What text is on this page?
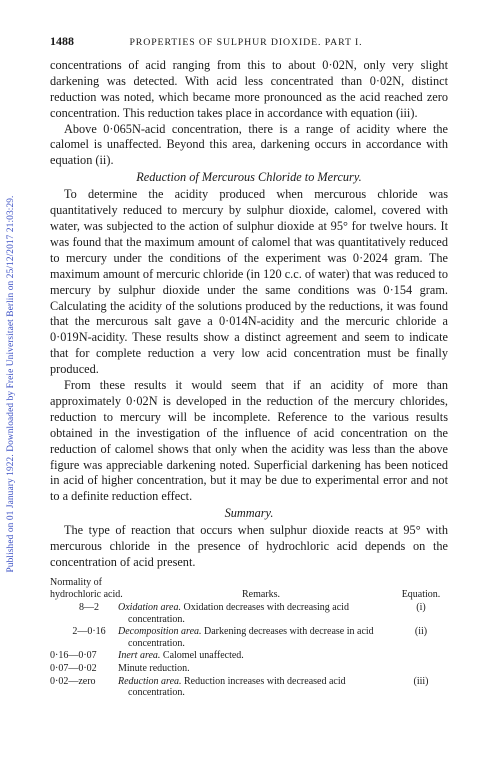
Published on 01 January 1922. Downloaded by Freie Universitaet Berlin on 25/12/2017 21:03:29.
1488	PROPERTIES OF SULPHUR DIOXIDE. PART I.

concentrations of acid ranging from this to about 0·02N, only very slight darkening was detected. With acid less concentrated than 0·02N, distinct reduction was noted, which became more pronounced as the acid reached zero concentration. This reduction takes place in accordance with equation (iii).

Above 0·065N-acid concentration, there is a range of acidity where the calomel is unaffected. Beyond this area, darkening occurs in accordance with equation (ii).

Reduction of Mercurous Chloride to Mercury.

To determine the acidity produced when mercurous chloride was quantitatively reduced to mercury by sulphur dioxide, calomel, covered with water, was subjected to the action of sulphur dioxide at 95° for twelve hours. It was found that the maximum amount of calomel that was quantitatively reduced to mercury under the conditions of the experiment was 0·2024 gram. The maximum amount of mercuric chloride (in 120 c.c. of water) that was reduced to mercury by sulphur dioxide under the same conditions was 0·154 gram. Calculating the acidity of the solutions produced by the reductions, it was found that the mercurous salt gave a 0·014N-acidity and the mercuric chloride a 0·019N-acidity. These results show a distinct agreement and seem to indicate that for complete reduction a very low acid concentration must be finally produced.

From these results it would seem that if an acidity of more than approximately 0·02N is developed in the reduction of the mercury chlorides, reduction to mercury will be incomplete. Reference to the various results obtained in the investigation of the influence of acid concentration on the reduction of calomel shows that only when the acidity was less than the above figure was appreciable darkening noted. Superficial darkening has been noticed in acid of higher concentration, but it may be due to experimental error and not to a definite reduction effect.

Summary.

The type of reaction that occurs when sulphur dioxide reacts at 95° with mercurous chloride in the presence of hydrochloric acid depends on the concentration of acid present.

Normality of hydrochloric acid.	Remarks.	Equation.
8—2	Oxidation area. Oxidation decreases with decreasing acid concentration.	(i)
2—0·16	Decomposition area. Darkening decreases with decrease in acid concentration.	(ii)
0·16—0·07	Inert area. Calomel unaffected.	
0·07—0·02	Minute reduction.	
0·02—zero	Reduction area. Reduction increases with decreased acid concentration.	(iii)
